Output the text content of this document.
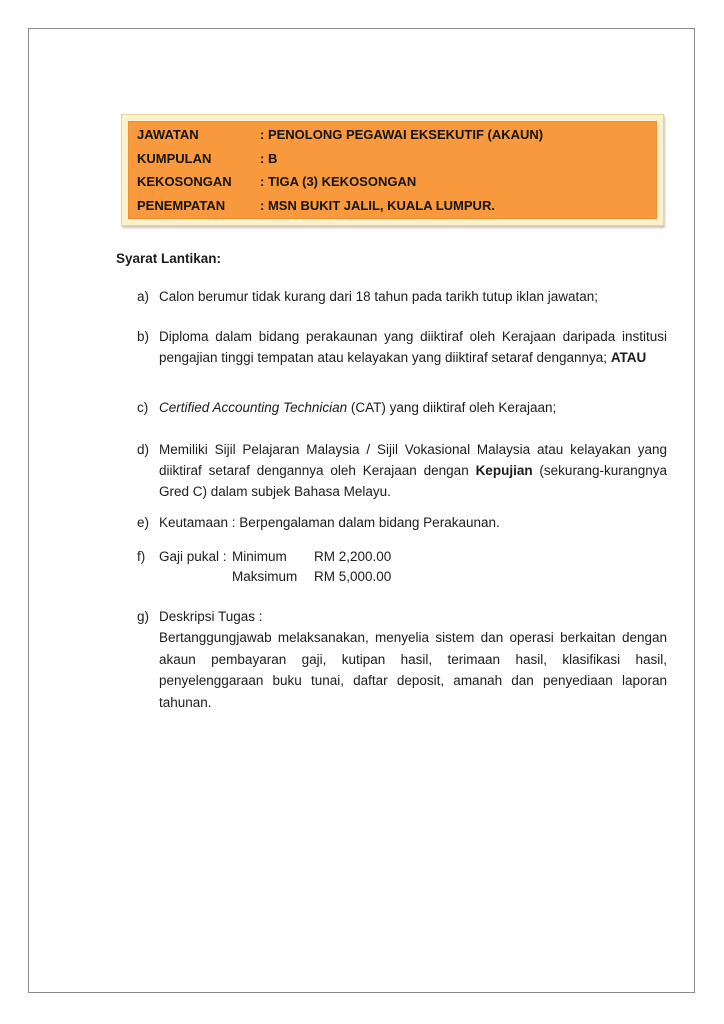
JAWATAN	: PENOLONG PEGAWAI EKSEKUTIF (AKAUN)
KUMPULAN	: B
KEKOSONGAN	: TIGA (3) KEKOSONGAN
PENEMPATAN	: MSN BUKIT JALIL, KUALA LUMPUR.
Syarat Lantikan:
a) Calon berumur tidak kurang dari 18 tahun pada tarikh tutup iklan jawatan;
b) Diploma dalam bidang perakaunan yang diiktiraf oleh Kerajaan daripada institusi pengajian tinggi tempatan atau kelayakan yang diiktiraf setaraf dengannya; ATAU
c) Certified Accounting Technician (CAT) yang diiktiraf oleh Kerajaan;
d) Memiliki Sijil Pelajaran Malaysia / Sijil Vokasional Malaysia atau kelayakan yang diiktiraf setaraf dengannya oleh Kerajaan dengan Kepujian (sekurang-kurangnya Gred C) dalam subjek Bahasa Melayu.
e) Keutamaan : Berpengalaman dalam bidang Perakaunan.
f)	Gaji pukal : Minimum	RM 2,200.00
Maksimum	RM 5,000.00
g) Deskripsi Tugas :
Bertanggungjawab melaksanakan, menyelia sistem dan operasi berkaitan dengan akaun pembayaran gaji, kutipan hasil, terimaan hasil, klasifikasi hasil, penyelenggaraan buku tunai, daftar deposit, amanah dan penyediaan laporan tahunan.
